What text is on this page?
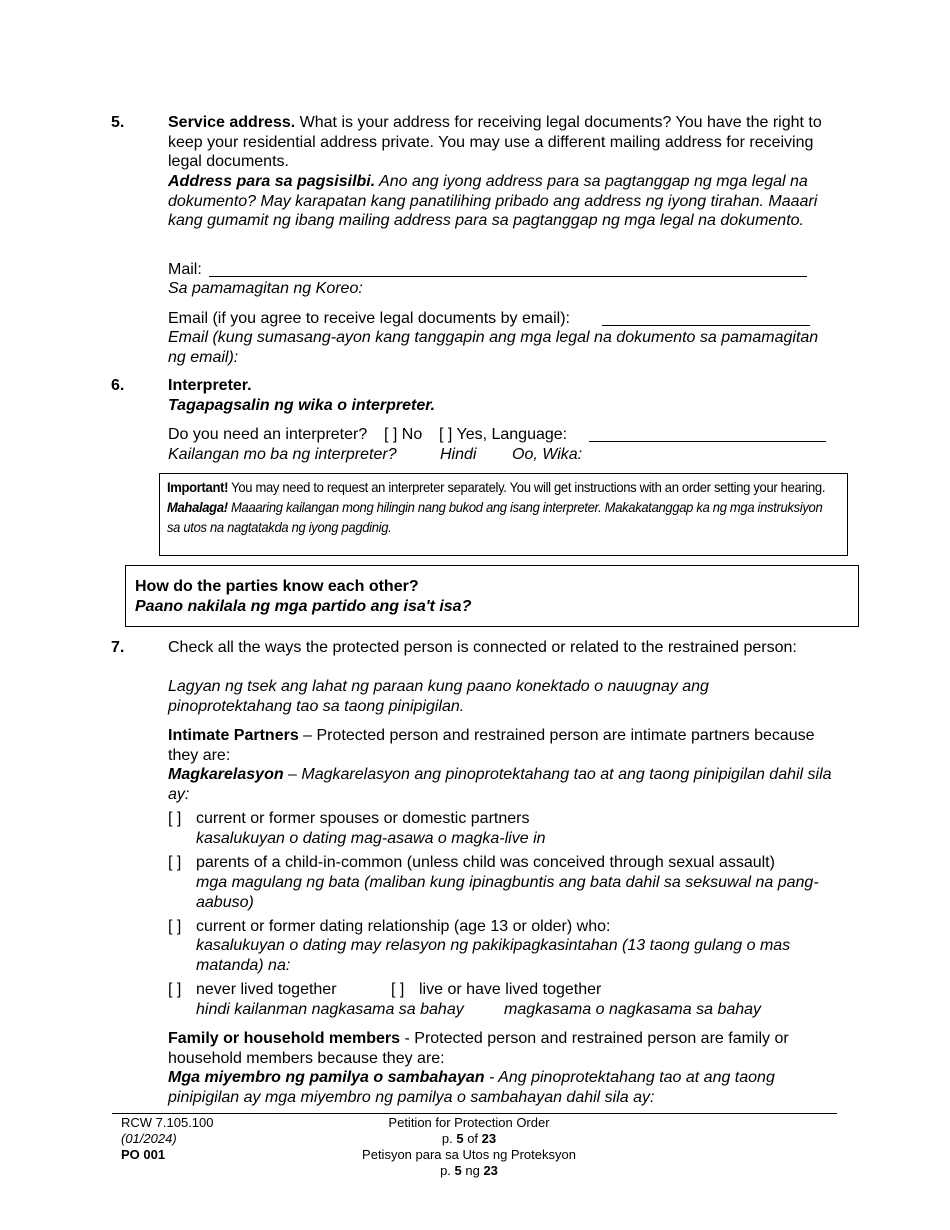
5.	Service address. What is your address for receiving legal documents? You have the right to keep your residential address private. You may use a different mailing address for receiving legal documents.
Address para sa pagsisilbi. Ano ang iyong address para sa pagtanggap ng mga legal na dokumento? May karapatan kang panatilihing pribado ang address ng iyong tirahan. Maaari kang gumamit ng ibang mailing address para sa pagtanggap ng mga legal na dokumento.
Mail:
Sa pamamagitan ng Koreo:
Email (if you agree to receive legal documents by email):
Email (kung sumasang-ayon kang tanggapin ang mga legal na dokumento sa pamamagitan ng email):
6.	Interpreter.
Tagapagsalin ng wika o interpreter.
Do you need an interpreter? [ ] No [ ] Yes, Language:
Kailangan mo ba ng interpreter?	Hindi Oo, Wika:
Important! You may need to request an interpreter separately. You will get instructions with an order setting your hearing.
Mahalaga! Maaaring kailangan mong hilingin nang bukod ang isang interpreter. Makakatanggap ka ng mga instruksiyon sa utos na nagtatakda ng iyong pagdinig.
How do the parties know each other?
Paano nakilala ng mga partido ang isa't isa?
7.	Check all the ways the protected person is connected or related to the restrained person:
Lagyan ng tsek ang lahat ng paraan kung paano konektado o nauugnay ang pinoprotektahang tao sa taong pinipigilan.
Intimate Partners – Protected person and restrained person are intimate partners because they are:
Magkarelasyon – Magkarelasyon ang pinoprotektahang tao at ang taong pinipigilan dahil sila ay:
[ ] current or former spouses or domestic partners
kasalukuyan o dating mag-asawa o magka-live in
[ ] parents of a child-in-common (unless child was conceived through sexual assault)
mga magulang ng bata (maliban kung ipinagbuntis ang bata dahil sa seksuwal na pang-aabuso)
[ ] current or former dating relationship (age 13 or older) who:
kasalukuyan o dating may relasyon ng pakikipagkasintahan (13 taong gulang o mas matanda) na:
[ ] never lived together
hindi kailanman nagkasama sa bahay
[ ] live or have lived together
magkasama o nagkasama sa bahay
Family or household members - Protected person and restrained person are family or household members because they are:
Mga miyembro ng pamilya o sambahayan - Ang pinoprotektahang tao at ang taong pinipigilan ay mga miyembro ng pamilya o sambahayan dahil sila ay:
RCW 7.105.100
(01/2024)
PO 001
Petition for Protection Order
p. 5 of 23
Petisyon para sa Utos ng Proteksyon
p. 5 ng 23
